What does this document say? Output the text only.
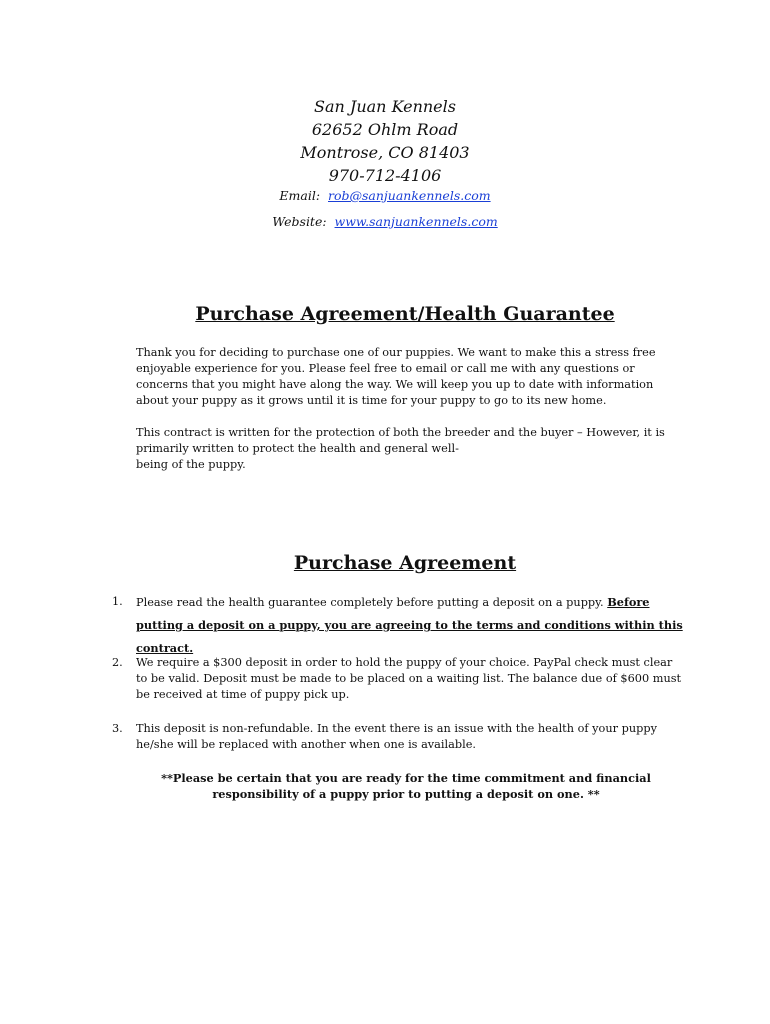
San Juan Kennels

62652 Ohlm Road

Montrose, CO 81403

970-712-4106

Email: rob@sanjuankennels.com

Website: www.sanjuankennels.com

Purchase Agreement/Health Guarantee

Thank you for deciding to purchase one of our puppies. We want to make this a stress free enjoyable experience for you. Please feel free to email or call me with any questions or concerns that you might have along the way. We will keep you up to date with information about your puppy as it grows until it is time for your puppy to go to its new home.

This contract is written for the protection of both the breeder and the buyer – However, it is primarily written to protect the health and general well-
being of the puppy.

Purchase Agreement
1. Please read the health guarantee completely before putting a deposit on a puppy. Before putting a deposit on a puppy, you are agreeing to the terms and conditions within this contract.

2. We require a $300 deposit in order to hold the puppy of your choice. PayPal check must clear to be valid. Deposit must be made to be placed on a waiting list. The balance due of $600 must be received at time of puppy pick up.

3. This deposit is non-refundable. In the event there is an issue with the health of your puppy he/she will be replaced with another when one is available.

**Please be certain that you are ready for the time commitment and financial responsibility of a puppy prior to putting a deposit on one. **
